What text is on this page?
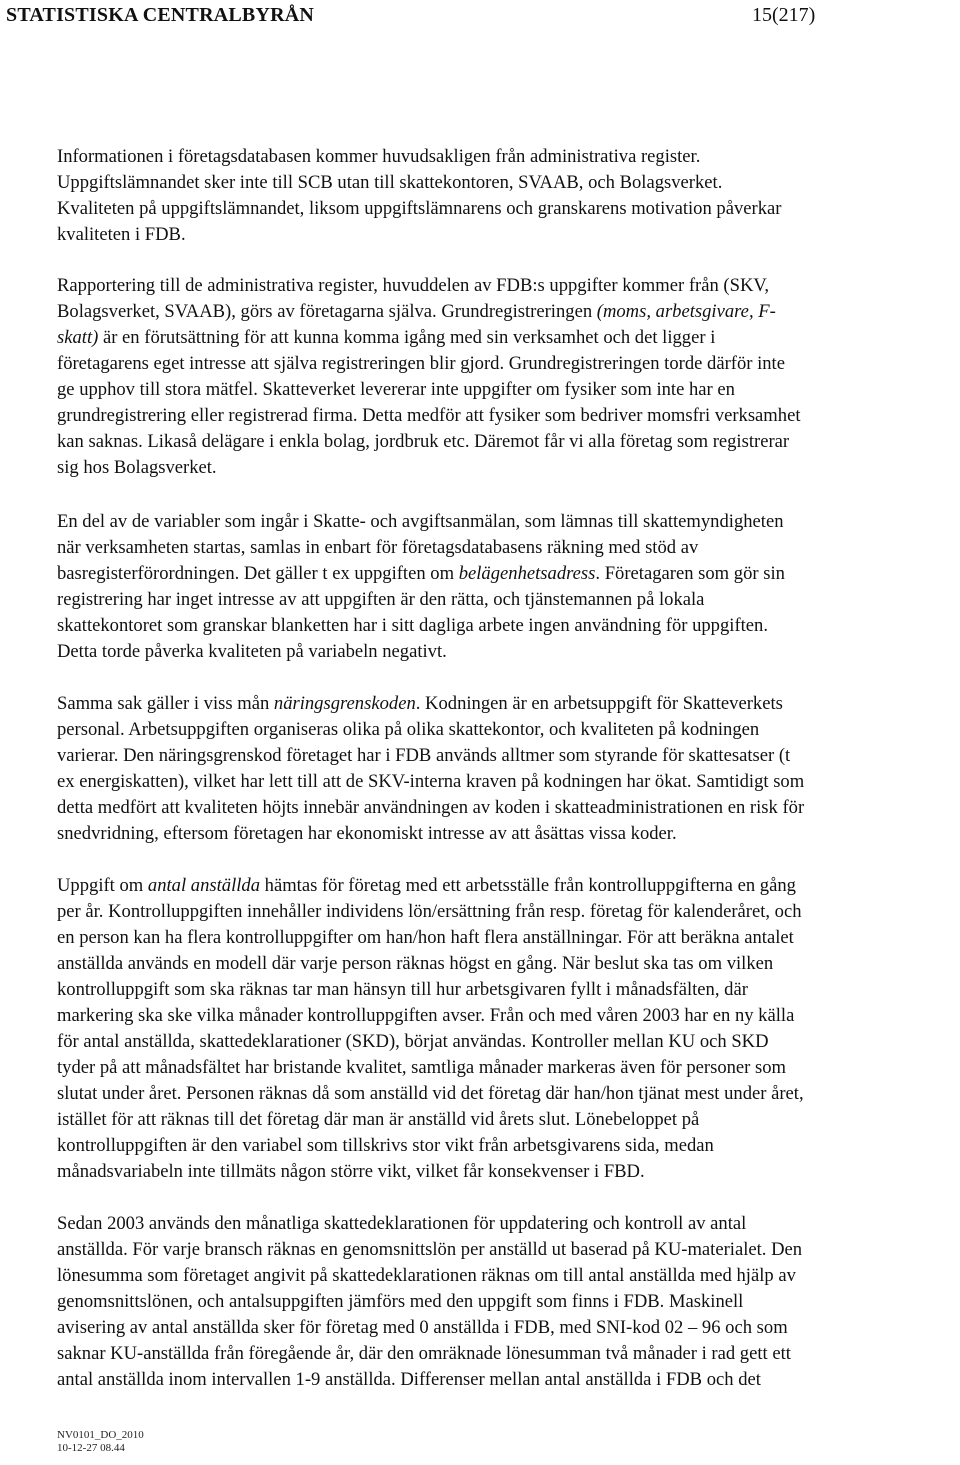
STATISTISKA CENTRALBYRÅN	15(217)

Informationen i företagsdatabasen kommer huvudsakligen från administrativa register.
Uppgiftslämnandet sker inte till SCB utan till skattekontoren, SVAAB, och Bolagsverket.
Kvaliteten på uppgiftslämnandet, liksom uppgiftslämnarens och granskarens motivation påverkar
kvaliteten i FDB.

Rapportering till de administrativa register, huvuddelen av FDB:s uppgifter kommer från (SKV,
Bolagsverket, SVAAB), görs av företagarna själva. Grundregistreringen (moms, arbetsgivare, F-
skatt) är en förutsättning för att kunna komma igång med sin verksamhet och det ligger i
företagarens eget intresse att själva registreringen blir gjord. Grundregistreringen torde därför inte
ge upphov till stora mätfel. Skatteverket levererar inte uppgifter om fysiker som inte har en
grundregistrering eller registrerad firma. Detta medför att fysiker som bedriver momsfri verksamhet
kan saknas. Likaså delägare i enkla bolag, jordbruk etc. Däremot får vi alla företag som registrerar
sig hos Bolagsverket.

En del av de variabler som ingår i Skatte- och avgiftsanmälan, som lämnas till skattemyndigheten
när verksamheten startas, samlas in enbart för företagsdatabasens räkning med stöd av
basregisterförordningen. Det gäller t ex uppgiften om belägenhetsadress. Företagaren som gör sin
registrering har inget intresse av att uppgiften är den rätta, och tjänstemannen på lokala
skattekontoret som granskar blanketten har i sitt dagliga arbete ingen användning för uppgiften.
Detta torde påverka kvaliteten på variabeln negativt.

Samma sak gäller i viss mån näringsgrenskoden. Kodningen är en arbetsuppgift för Skatteverkets
personal. Arbetsuppgiften organiseras olika på olika skattekontor, och kvaliteten på kodningen
varierar. Den näringsgrenskod företaget har i FDB används alltmer som styrande för skattesatser (t
ex energiskatten), vilket har lett till att de SKV-interna kraven på kodningen har ökat. Samtidigt som
detta medfört att kvaliteten höjts innebär användningen av koden i skatteadministrationen en risk för
snedvridning, eftersom företagen har ekonomiskt intresse av att åsättas vissa koder.

Uppgift om antal anställda hämtas för företag med ett arbetsställe från kontrolluppgifterna en gång
per år. Kontrolluppgiften innehåller individens lön/ersättning från resp. företag för kalenderåret, och
en person kan ha flera kontrolluppgifter om han/hon haft flera anställningar. För att beräkna antalet
anställda används en modell där varje person räknas högst en gång. När beslut ska tas om vilken
kontrolluppgift som ska räknas tar man hänsyn till hur arbetsgivaren fyllt i månadsfälten, där
markering ska ske vilka månader kontrolluppgiften avser. Från och med våren 2003 har en ny källa
för antal anställda, skattedeklarationer (SKD), börjat användas. Kontroller mellan KU och SKD
tyder på att månadsfältet har bristande kvalitet, samtliga månader markeras även för personer som
slutat under året. Personen räknas då som anställd vid det företag där han/hon tjänat mest under året,
istället för att räknas till det företag där man är anställd vid årets slut. Lönebeloppet på
kontrolluppgiften är den variabel som tillskrivs stor vikt från arbetsgivarens sida, medan
månadsvariabeln inte tillmäts någon större vikt, vilket får konsekvenser i FBD.

Sedan 2003 används den månatliga skattedeklarationen för uppdatering och kontroll av antal
anställda. För varje bransch räknas en genomsnittslön per anställd ut baserad på KU-materialet. Den
lönesumma som företaget angivit på skattedeklarationen räknas om till antal anställda med hjälp av
genomsnittslönen, och antalsuppgiften jämförs med den uppgift som finns i FDB. Maskinell
avisering av antal anställda sker för företag med 0 anställda i FDB, med SNI-kod 02 – 96 och som
saknar KU-anställda från föregående år, där den omräknade lönesumman två månader i rad gett ett
antal anställda inom intervallen 1-9 anställda. Differenser mellan antal anställda i FDB och det

NV0101_DO_2010
10-12-27 08.44
